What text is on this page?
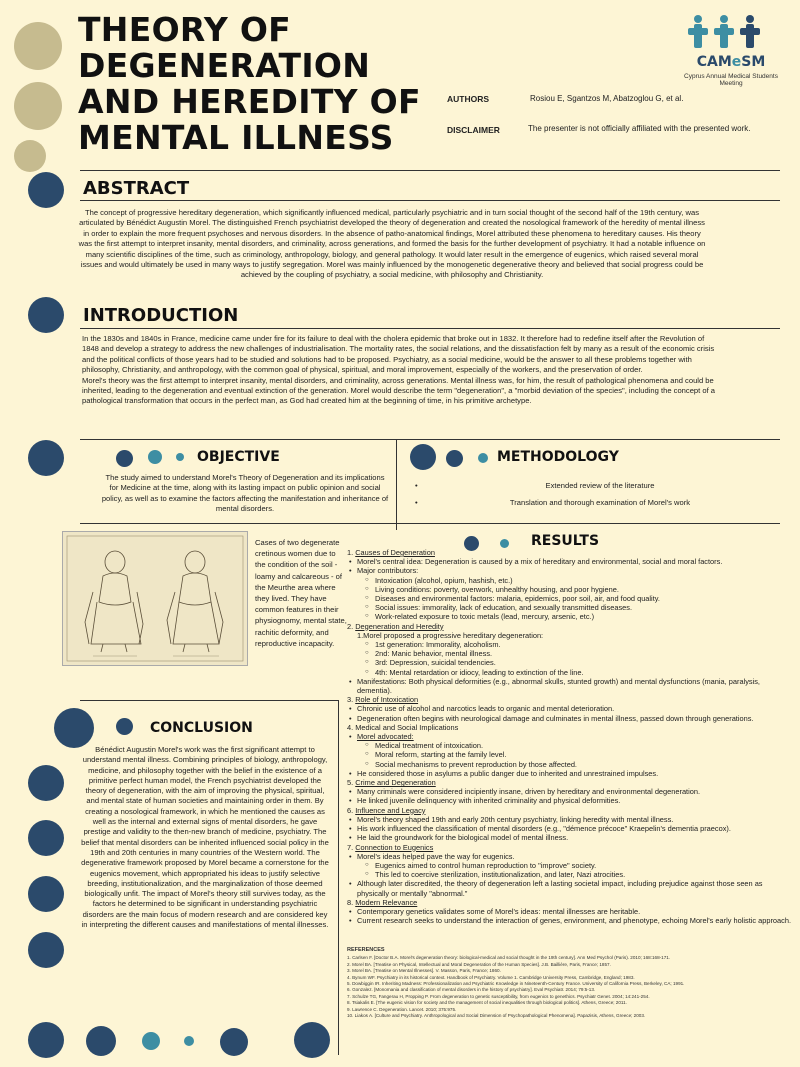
THEORY OF DEGENERATION AND HEREDITY OF MENTAL ILLNESS
AUTHORS	Rosiou E, Sgantzos M, Abatzoglou G, et al.
DISCLAIMER	The presenter is not officially affiliated with the presented work.
CAMeSM
Cyprus Annual Medical Students Meeting
ABSTRACT
The concept of progressive hereditary degeneration, which significantly influenced medical, particularly psychiatric and in turn social thought of the second half of the 19th century, was articulated by Bénédict Augustin Morel. The distinguished French psychiatrist developed the theory of degeneration and created the nosological framework of the heredity of mental illness in order to explain the more frequent psychoses and nervous disorders. In the absence of patho-anatomical findings, Morel attributed these phenomena to hereditary causes. His theory was the first attempt to interpret insanity, mental disorders, and criminality, across generations, and formed the basis for the further development of psychiatry. It had a notable influence on many scientific disciplines of the time, such as criminology, anthropology, biology, and general pathology. It would later result in the emergence of eugenics, which raised several moral issues and would ultimately be used in many ways to justify segregation. Morel was mainly influenced by the monogenetic degenerative theory and believed that social progress could be achieved by the coupling of psychiatry, a social medicine, with philosophy and Christianity.
INTRODUCTION

In the 1830s and 1840s in France, medicine came under fire for its failure to deal with the cholera epidemic that broke out in 1832. It therefore had to redefine itself after the Revolution of 1848 and develop a strategy to address the new challenges of industrialisation. The mortality rates, the social relations, and the dissatisfaction felt by many as a result of the economic crisis and the political conflicts of those years had to be studied and solutions had to be proposed. Psychiatry, as a social medicine, would be the answer to all these problems together with philosophy, Christianity, and anthropology, with the common goal of physical, spiritual, and moral improvement, especially of the workers, and the preservation of order.

Morel's theory was the first attempt to interpret insanity, mental disorders, and criminality, across generations. Mental illness was, for him, the result of pathological phenomena and could be inherited, leading to the degeneration and eventual extinction of the generation. Morel would describe the term "degeneration", a "morbid deviation of the species", including the concept of a pathological transformation that occurs in the perfect man, as God had created him at the beginning of time, in his primitive archetype.

OBJECTIVE
The study aimed to understand Morel's Theory of Degeneration and its implications for Medicine at the time, along with its lasting impact on public opinion and social policy, as well as to examine the factors affecting the manifestation and inheritance of mental disorders.
METHODOLOGY
• Extended review of the literature
• Translation and thorough examination of Morel's work
Cases of two degenerate cretinous women due to the condition of the soil - loamy and calcareous - of the Meurthe area where they lived. They have common features in their physiognomy, mental state, rachitic deformity, and reproductive incapacity.
RESULTS
1. Causes of Degeneration
• Morel's central idea: Degeneration is caused by a mix of hereditary and environmental, social and moral factors.
• Major contributors:
○ Intoxication (alcohol, opium, hashish, etc.)
○ Living conditions: poverty, overwork, unhealthy housing, and poor hygiene.
○ Diseases and environmental factors: malaria, epidemics, poor soil, air, and food quality.
○ Social issues: immorality, lack of education, and sexually transmitted diseases.
○ Work-related exposure to toxic metals (lead, mercury, arsenic, etc.)
2. Degeneration and Heredity
1.Morel proposed a progressive hereditary degeneration:
○ 1st generation: Immorality, alcoholism.
○ 2nd: Manic behavior, mental illness.
○ 3rd: Depression, suicidal tendencies.
○ 4th: Mental retardation or idiocy, leading to extinction of the line.
• Manifestations: Both physical deformities (e.g., abnormal skulls, stunted growth) and mental dysfunctions (mania, paralysis, dementia).
3. Role of Intoxication
• Chronic use of alcohol and narcotics leads to organic and mental deterioration.
• Degeneration often begins with neurological damage and culminates in mental illness, passed down through generations.
4. Medical and Social Implications
• Morel advocated:
○ Medical treatment of intoxication.
○ Moral reform, starting at the family level.
○ Social mechanisms to prevent reproduction by those affected.
• He considered those in asylums a public danger due to inherited and unrestrained impulses.
5. Crime and Degeneration
• Many criminals were considered incipiently insane, driven by hereditary and environmental degeneration.
• He linked juvenile delinquency with inherited criminality and physical deformities.
6. Influence and Legacy
• Morel's theory shaped 19th and early 20th century psychiatry, linking heredity with mental illness.
• His work influenced the classification of mental disorders (e.g., "démence précoce" Kraepelin's dementia praecox).
• He laid the groundwork for the biological model of mental illness.
7. Connection to Eugenics
• Morel's ideas helped pave the way for eugenics.
○ Eugenics aimed to control human reproduction to "improve" society.
○ This led to coercive sterilization, institutionalization, and later, Nazi atrocities.
• Although later discredited, the theory of degeneration left a lasting societal impact, including prejudice against those seen as physically or mentally "abnormal."
8. Modern Relevance
• Contemporary genetics validates some of Morel's ideas: mental illnesses are heritable.
• Current research seeks to understand the interaction of genes, environment, and phenotype, echoing Morel's early holistic approach.
REFERENCES
1. Carlsen F. [Doctor B.A. Morel's degeneration theory: biological-medical and social thought in the 19th century]. Ann Med Psychol (Paris). 2010; 168:168-171.
2. Morel BA. [Treatise on Physical, Intellectual and Moral Degeneration of the Human Species]. J.B. Baillière, Paris, France; 1857.
3. Morel BA. [Treatise on Mental Illnesses]. V. Masson, Paris, France; 1860.
4. Bynum WF. Psychiatry in its historical context. Handbook of Psychiatry. Volume 1. Cambridge University Press, Cambridge, England; 1983.
5. Dowbiggin IR. Inheriting Madness: Professionalization and Psychiatric Knowledge in Nineteenth-Century France. University of California Press, Berkeley, CA; 1991.
6. Gonzalez. [Monomania and classification of mental disorders in the history of psychiatry]. Eval Psychiatr. 2014; 79:5-13.
7. Schulze TG, Fangerau H, Propping P. From degeneration to genetic susceptibility, from eugenics to genethics. Psychiatr Genet. 2004; 14:241-254.
8. Tsiakalis E. [The eugenic vision for society and the management of social inequalities through biological politics]. Athens, Greece; 2011.
9. Lawrence C. Degeneration. Lancet. 2010; 375:975.
10. Liakos A. [Culture and Psychiatry. Anthropological and Social Dimension of Psychopathological Phenomena]. Papazisis, Athens, Greece; 2003.
CONCLUSION
Bénédict Augustin Morel's work was the first significant attempt to understand mental illness. Combining principles of biology, anthropology, medicine, and philosophy together with the belief in the existence of a primitive perfect human model, the French psychiatrist developed the theory of degeneration, with the aim of improving the physical, spiritual, and mental state of human societies and maintaining order in them. By creating a nosological framework, in which he mentioned the causes as well as the internal and external signs of mental disorders, he gave prestige and validity to the then-new branch of medicine, psychiatry. The belief that mental disorders can be inherited influenced social policy in the 19th and 20th centuries in many countries of the Western world. The degenerative framework proposed by Morel became a cornerstone for the eugenics movement, which appropriated his ideas to justify selective breeding, institutionalization, and the marginalization of those deemed biologically unfit. The impact of Morel's theory still survives today, as the factors he determined to be significant in understanding psychiatric disorders are the main focus of modern research and are considered key in interpreting the different causes and manifestations of mental illnesses.
